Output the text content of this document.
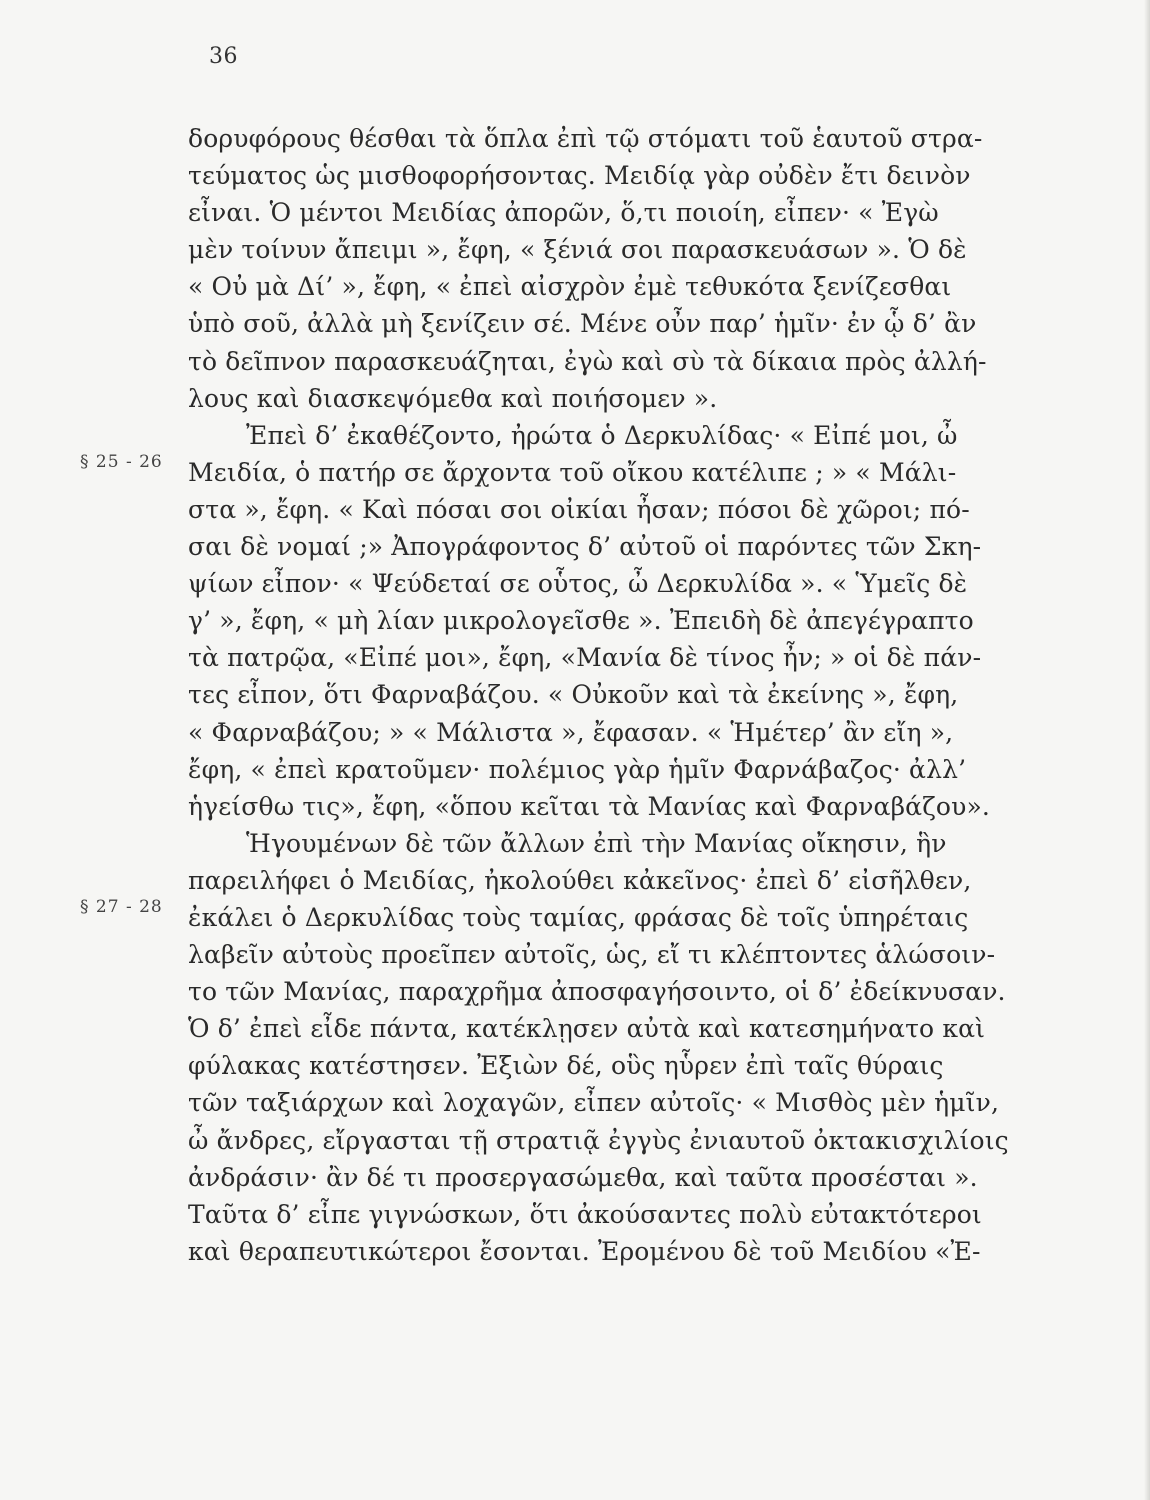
36
§ 25 - 26
§ 27 - 28
δορυφόρους θέσθαι τὰ ὅπλα ἐπὶ τῷ στόματι τοῦ ἑαυτοῦ στρα-
τεύματος ὡς μισθοφορήσοντας. Μειδίᾳ γὰρ οὐδὲν ἔτι δεινὸν
εἶναι. Ὁ μέντοι Μειδίας ἀπορῶν, ὅ,τι ποιοίη, εἶπεν· « Ἐγὼ
μὲν τοίνυν ἄπειμι », ἔφη, « ξένιά σοι παρασκευάσων ». Ὁ δὲ
« Οὐ μὰ Δί’ », ἔφη, « ἐπεὶ αἰσχρὸν ἐμὲ τεθυκότα ξενίζεσθαι
ὑπὸ σοῦ, ἀλλὰ μὴ ξενίζειν σέ. Μένε οὖν παρ’ ἡμῖν· ἐν ᾧ δ’ ἂν
τὸ δεῖπνον παρασκευάζηται, ἐγὼ καὶ σὺ τὰ δίκαια πρὸς ἀλλή-
λους καὶ διασκεψόμεθα καὶ ποιήσομεν ».
Ἐπεὶ δ’ ἐκαθέζοντο, ἠρώτα ὁ Δερκυλίδας· « Εἰπέ μοι, ὦ
Μειδία, ὁ πατήρ σε ἄρχοντα τοῦ οἴκου κατέλιπε ; » « Μάλι-
στα », ἔφη. « Καὶ πόσαι σοι οἰκίαι ἦσαν; πόσοι δὲ χῶροι; πό-
σαι δὲ νομαί ;» Ἀπογράφοντος δ’ αὐτοῦ οἱ παρόντες τῶν Σκη-
ψίων εἶπον· « Ψεύδεταί σε οὗτος, ὦ Δερκυλίδα ». « Ὑμεῖς δὲ
γ’ », ἔφη, « μὴ λίαν μικρολογεῖσθε ». Ἐπειδὴ δὲ ἀπεγέγραπτο
τὰ πατρῷα, «Εἰπέ μοι», ἔφη, «Μανία δὲ τίνος ἦν; » οἱ δὲ πάν-
τες εἶπον, ὅτι Φαρναβάζου. « Οὐκοῦν καὶ τὰ ἐκείνης », ἔφη,
« Φαρναβάζου; » « Μάλιστα », ἔφασαν. « Ἡμέτερ’ ἂν εἴη »,
ἔφη, « ἐπεὶ κρατοῦμεν· πολέμιος γὰρ ἡμῖν Φαρνάβαζος· ἀλλ’
ἡγείσθω τις», ἔφη, «ὅπου κεῖται τὰ Μανίας καὶ Φαρναβάζου».
Ἡγουμένων δὲ τῶν ἄλλων ἐπὶ τὴν Μανίας οἴκησιν, ἣν
παρειλήφει ὁ Μειδίας, ἠκολούθει κἀκεῖνος· ἐπεὶ δ’ εἰσῆλθεν,
ἐκάλει ὁ Δερκυλίδας τοὺς ταμίας, φράσας δὲ τοῖς ὑπηρέταις
λαβεῖν αὐτοὺς προεῖπεν αὐτοῖς, ὡς, εἴ τι κλέπτοντες ἁλώσοιν-
το τῶν Μανίας, παραχρῆμα ἀποσφαγήσοιντο, οἱ δ’ ἐδείκνυσαν.
Ὁ δ’ ἐπεὶ εἶδε πάντα, κατέκλῃσεν αὐτὰ καὶ κατεσημήνατο καὶ
φύλακας κατέστησεν. Ἐξιὼν δέ, οὓς ηὗρεν ἐπὶ ταῖς θύραις
τῶν ταξιάρχων καὶ λοχαγῶν, εἶπεν αὐτοῖς· « Μισθὸς μὲν ἡμῖν,
ὦ ἄνδρες, εἴργασται τῇ στρατιᾷ ἐγγὺς ἐνιαυτοῦ ὀκτακισχιλίοις
ἀνδράσιν· ἂν δέ τι προσεργασώμεθα, καὶ ταῦτα προσέσται ».
Ταῦτα δ’ εἶπε γιγνώσκων, ὅτι ἀκούσαντες πολὺ εὐτακτότεροι
καὶ θεραπευτικώτεροι ἔσονται. Ἐρομένου δὲ τοῦ Μειδίου «Ἐ-
